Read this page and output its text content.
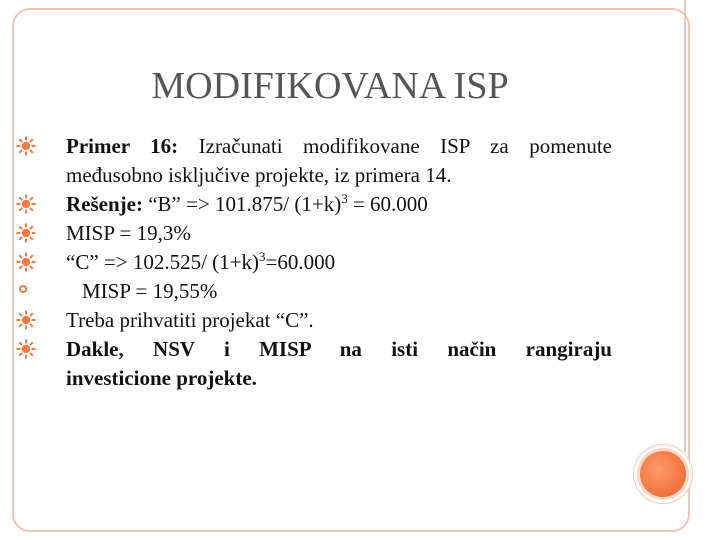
MODIFIKOVANA ISP
Primer 16: Izračunati modifikovane ISP za pomenute
međusobno isključive projekte, iz primera 14.
Rešenje: “B” => 101.875/ $(1+k)^3 = 60.000$
MISP = 19,3%
“C” => 102.525/ $(1+k)^3=60.000$
MISP = 19,55%
Treba prihvatiti projekat “C”.
Dakle, NSV i MISP na isti način rangiraju
investicione projekte.
